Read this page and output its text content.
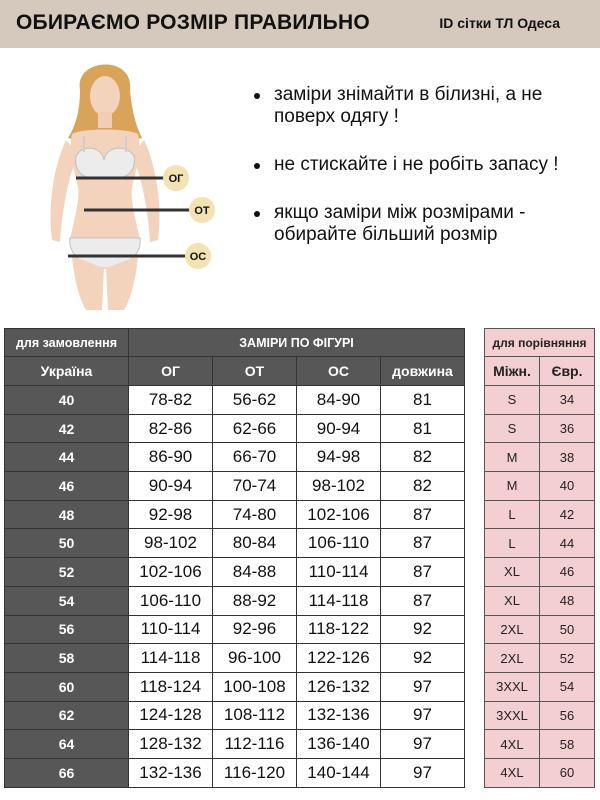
ОБИРАЄМО РОЗМІР ПРАВИЛЬНО	ID сітки ТЛ Одеса
ОГ
ОТ
ОС
заміри знімайти в білизні, а не поверх одягу !
не стискайте і не робіть запасу !
якщо заміри між розмірами - обирайте більший розмір
для замовлення	ЗАМІРИ ПО ФІГУРІ			
Україна	ОГ	ОТ	ОС	довжина
40	78-82	56-62	84-90	81
42	82-86	62-66	90-94	81
44	86-90	66-70	94-98	82
46	90-94	70-74	98-102	82
48	92-98	74-80	102-106	87
50	98-102	80-84	106-110	87
52	102-106	84-88	110-114	87
54	106-110	88-92	114-118	87
56	110-114	92-96	118-122	92
58	114-118	96-100	122-126	92
60	118-124	100-108	126-132	97
62	124-128	108-112	132-136	97
64	128-132	112-116	136-140	97
66	132-136	116-120	140-144	97
для порівняння	
Міжн.	Євр.
S	34
S	36
M	38
M	40
L	42
L	44
XL	46
XL	48
2XL	50
2XL	52
3XXL	54
3XXL	56
4XL	58
4XL	60
